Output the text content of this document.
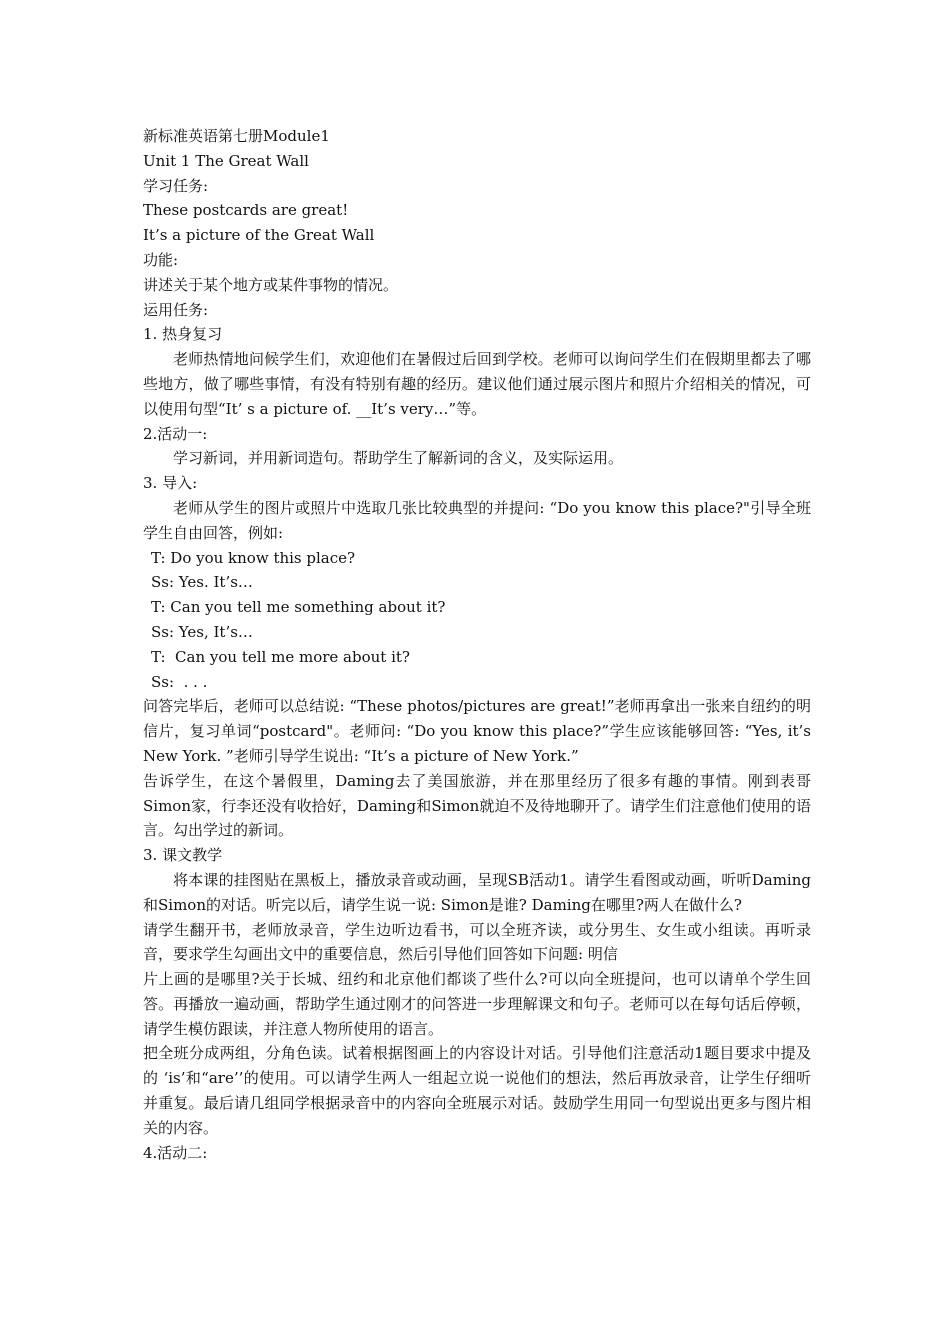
新标准英语第七册Module1
Unit 1 The Great Wall
学习任务:
These postcards are great!
It’s a picture of the Great Wall
功能:
讲述关于某个地方或某件事物的情况。
运用任务:
1. 热身复习
老师热情地问候学生们，欢迎他们在暑假过后回到学校。老师可以询问学生们在假期里都去了哪些地方，做了哪些事情，有没有特别有趣的经历。建议他们通过展示图片和照片介绍相关的情况，可以使用句型“It’ s a picture of. __It’s very…”等。
2.活动一:
学习新词，并用新词造句。帮助学生了解新词的含义，及实际运用。
3. 导入:
老师从学生的图片或照片中选取几张比较典型的并提问: “Do you know this place?"引导全班学生自由回答，例如:
T: Do you know this place?
Ss: Yes. It’s…
T: Can you tell me something about it?
Ss: Yes, It’s…
T:  Can you tell me more about it?
Ss:  . . .
问答完毕后，老师可以总结说: “These photos/pictures are great!”老师再拿出一张来自纽约的明信片，复习单词“postcard"。老师问: “Do you know this place?”学生应该能够回答: “Yes, it’s New York. ”老师引导学生说出: “It’s a picture of New York.”
告诉学生，在这个暑假里，Daming去了美国旅游，并在那里经历了很多有趣的事情。刚到表哥Simon家，行李还没有收拾好，Daming和Simon就迫不及待地聊开了。请学生们注意他们使用的语言。勾出学过的新词。
3. 课文教学
将本课的挂图贴在黑板上，播放录音或动画，呈现SB活动1。请学生看图或动画，听听Daming和Simon的对话。听完以后，请学生说一说: Simon是谁? Daming在哪里?两人在做什么?
请学生翻开书，老师放录音，学生边听边看书，可以全班齐读，或分男生、女生或小组读。再听录音，要求学生勾画出文中的重要信息，然后引导他们回答如下问题: 明信
片上画的是哪里?关于长城、纽约和北京他们都谈了些什么?可以向全班提问，也可以请单个学生回答。再播放一遍动画，帮助学生通过刚才的问答进一步理解课文和句子。老师可以在每句话后停顿，请学生模仿跟读，并注意人物所使用的语言。
把全班分成两组，分角色读。试着根据图画上的内容设计对话。引导他们注意活动1题目要求中提及的 ‘is’和“are’’的使用。可以请学生两人一组起立说一说他们的想法，然后再放录音，让学生仔细听并重复。最后请几组同学根据录音中的内容向全班展示对话。鼓励学生用同一句型说出更多与图片相关的内容。
4.活动二:
